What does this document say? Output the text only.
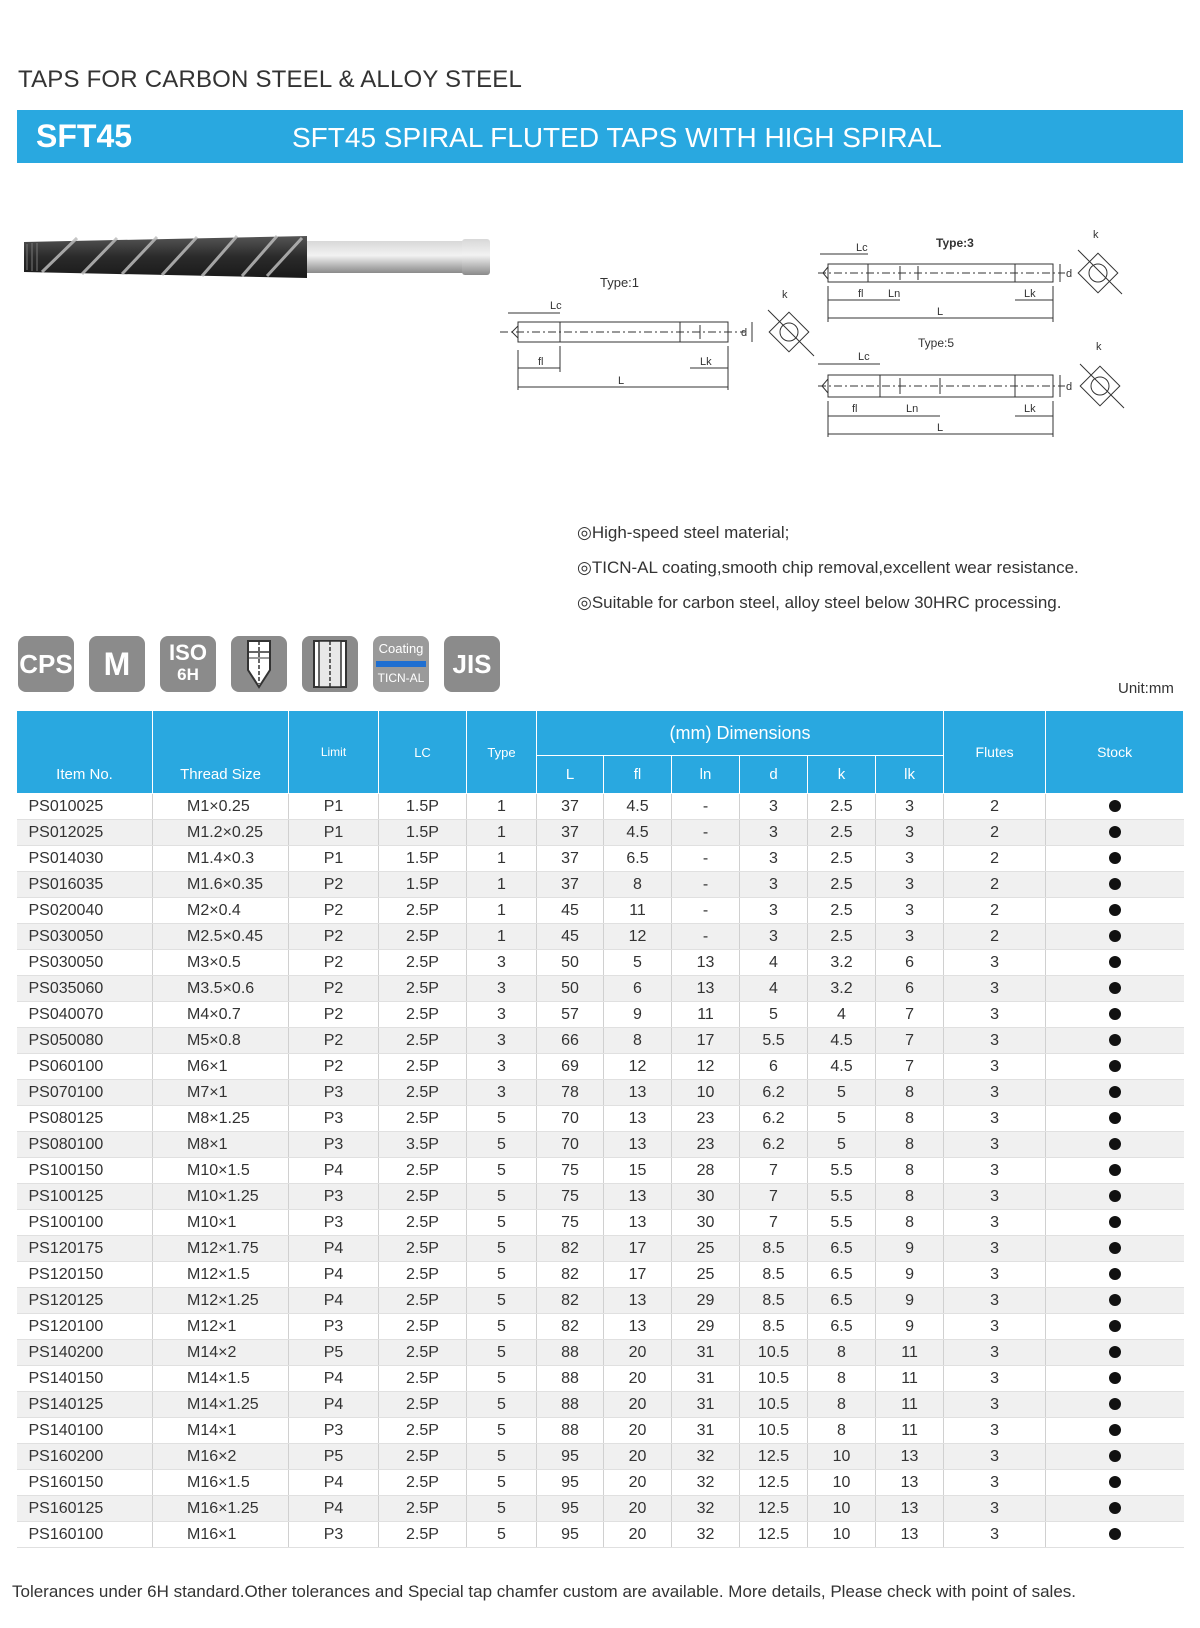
TAPS FOR CARBON STEEL & ALLOY STEEL
SFT45	SFT45 SPIRAL FLUTED TAPS WITH HIGH SPIRAL
Type:1
Lc
fl
L
Lk
d
k
Type:3
Lc
fl Ln
L
Lk
d
k
Type:5
Lc
fl	Ln
L
Lk
d
k
◎High-speed steel material;
◎TICN-AL coating,smooth chip removal,excellent wear resistance.
◎Suitable for carbon steel, alloy steel below 30HRC processing.
CPS M	ISO
6H
Coating
TICN-AL	JIS
Unit:mm
Item No.	Thread Size	Limit	LC	Type	(mm) Dimensions						Flutes	Stock
					L	fl	ln	d	k	lk		
PS010025	M1×0.25	P1	1.5P	1	37	4.5	-	3	2.5	3	2	
PS012025	M1.2×0.25	P1	1.5P	1	37	4.5	-	3	2.5	3	2	
PS014030	M1.4×0.3	P1	1.5P	1	37	6.5	-	3	2.5	3	2	
PS016035	M1.6×0.35	P2	1.5P	1	37	8	-	3	2.5	3	2	
PS020040	M2×0.4	P2	2.5P	1	45	11	-	3	2.5	3	2	
PS030050	M2.5×0.45	P2	2.5P	1	45	12	-	3	2.5	3	2	
PS030050	M3×0.5	P2	2.5P	3	50	5	13	4	3.2	6	3	
PS035060	M3.5×0.6	P2	2.5P	3	50	6	13	4	3.2	6	3	
PS040070	M4×0.7	P2	2.5P	3	57	9	11	5	4	7	3	
PS050080	M5×0.8	P2	2.5P	3	66	8	17	5.5	4.5	7	3	
PS060100	M6×1	P2	2.5P	3	69	12	12	6	4.5	7	3	
PS070100	M7×1	P3	2.5P	3	78	13	10	6.2	5	8	3	
PS080125	M8×1.25	P3	2.5P	5	70	13	23	6.2	5	8	3	
PS080100	M8×1	P3	3.5P	5	70	13	23	6.2	5	8	3	
PS100150	M10×1.5	P4	2.5P	5	75	15	28	7	5.5	8	3	
PS100125	M10×1.25	P3	2.5P	5	75	13	30	7	5.5	8	3	
PS100100	M10×1	P3	2.5P	5	75	13	30	7	5.5	8	3	
PS120175	M12×1.75	P4	2.5P	5	82	17	25	8.5	6.5	9	3	
PS120150	M12×1.5	P4	2.5P	5	82	17	25	8.5	6.5	9	3	
PS120125	M12×1.25	P4	2.5P	5	82	13	29	8.5	6.5	9	3	
PS120100	M12×1	P3	2.5P	5	82	13	29	8.5	6.5	9	3	
PS140200	M14×2	P5	2.5P	5	88	20	31	10.5	8	11	3	
PS140150	M14×1.5	P4	2.5P	5	88	20	31	10.5	8	11	3	
PS140125	M14×1.25	P4	2.5P	5	88	20	31	10.5	8	11	3	
PS140100	M14×1	P3	2.5P	5	88	20	31	10.5	8	11	3	
PS160200	M16×2	P5	2.5P	5	95	20	32	12.5	10	13	3	
PS160150	M16×1.5	P4	2.5P	5	95	20	32	12.5	10	13	3	
PS160125	M16×1.25	P4	2.5P	5	95	20	32	12.5	10	13	3	
PS160100	M16×1	P3	2.5P	5	95	20	32	12.5	10	13	3	
Tolerances under 6H standard.Other tolerances and Special tap chamfer custom are available. More details, Please check with point of sales.
